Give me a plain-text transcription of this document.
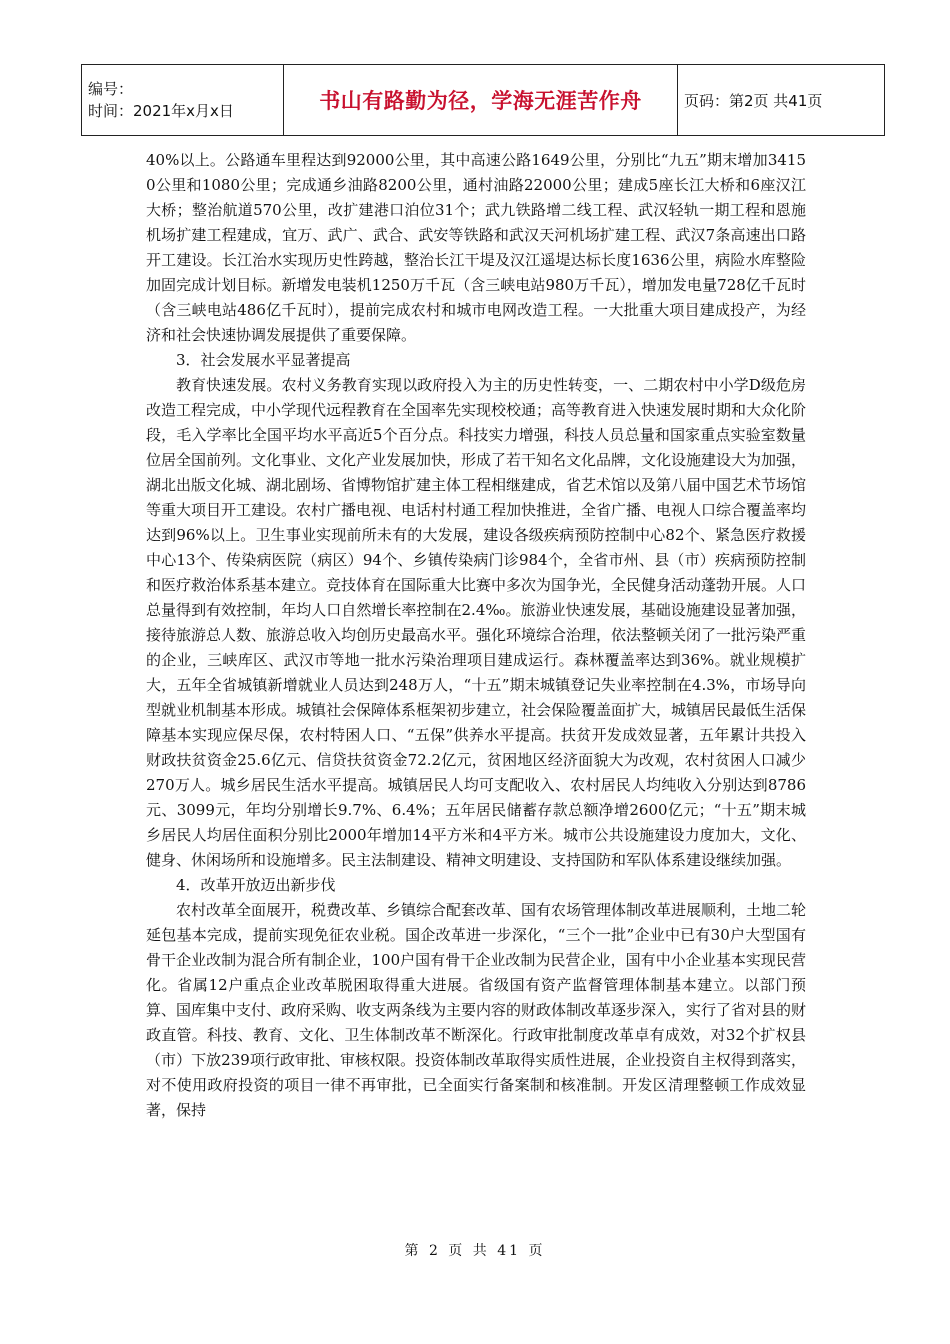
编号：
时间：2021年x月x日	书山有路勤为径，学海无涯苦作舟	页码：第2页 共41页

40%以上。公路通车里程达到92000公里，其中高速公路1649公里，分别比“九五”期末增加34150公里和1080公里；完成通乡油路8200公里，通村油路22000公里；建成5座长江大桥和6座汉江大桥；整治航道570公里，改扩建港口泊位31个；武九铁路增二线工程、武汉轻轨一期工程和恩施机场扩建工程建成，宜万、武广、武合、武安等铁路和武汉天河机场扩建工程、武汉7条高速出口路开工建设。长江治水实现历史性跨越，整治长江干堤及汉江遥堤达标长度1636公里，病险水库整险加固完成计划目标。新增发电装机1250万千瓦（含三峡电站980万千瓦），增加发电量728亿千瓦时（含三峡电站486亿千瓦时），提前完成农村和城市电网改造工程。一大批重大项目建成投产，为经济和社会快速协调发展提供了重要保障。

3．社会发展水平显著提高

教育快速发展。农村义务教育实现以政府投入为主的历史性转变，一、二期农村中小学D级危房改造工程完成，中小学现代远程教育在全国率先实现校校通；高等教育进入快速发展时期和大众化阶段，毛入学率比全国平均水平高近5个百分点。科技实力增强，科技人员总量和国家重点实验室数量位居全国前列。文化事业、文化产业发展加快，形成了若干知名文化品牌，文化设施建设大为加强，湖北出版文化城、湖北剧场、省博物馆扩建主体工程相继建成，省艺术馆以及第八届中国艺术节场馆等重大项目开工建设。农村广播电视、电话村村通工程加快推进，全省广播、电视人口综合覆盖率均达到96%以上。卫生事业实现前所未有的大发展，建设各级疾病预防控制中心82个、紧急医疗救援中心13个、传染病医院（病区）94个、乡镇传染病门诊984个，全省市州、县（市）疾病预防控制和医疗救治体系基本建立。竞技体育在国际重大比赛中多次为国争光，全民健身活动蓬勃开展。人口总量得到有效控制，年均人口自然增长率控制在2.4‰。旅游业快速发展，基础设施建设显著加强，接待旅游总人数、旅游总收入均创历史最高水平。强化环境综合治理，依法整顿关闭了一批污染严重的企业，三峡库区、武汉市等地一批水污染治理项目建成运行。森林覆盖率达到36%。就业规模扩大，五年全省城镇新增就业人员达到248万人，“十五”期末城镇登记失业率控制在4.3%，市场导向型就业机制基本形成。城镇社会保障体系框架初步建立，社会保险覆盖面扩大，城镇居民最低生活保障基本实现应保尽保，农村特困人口、“五保”供养水平提高。扶贫开发成效显著，五年累计共投入财政扶贫资金25.6亿元、信贷扶贫资金72.2亿元，贫困地区经济面貌大为改观，农村贫困人口减少270万人。城乡居民生活水平提高。城镇居民人均可支配收入、农村居民人均纯收入分别达到8786元、3099元，年均分别增长9.7%、6.4%；五年居民储蓄存款总额净增2600亿元；“十五”期末城乡居民人均居住面积分别比2000年增加14平方米和4平方米。城市公共设施建设力度加大，文化、健身、休闲场所和设施增多。民主法制建设、精神文明建设、支持国防和军队体系建设继续加强。

4．改革开放迈出新步伐

农村改革全面展开，税费改革、乡镇综合配套改革、国有农场管理体制改革进展顺利，土地二轮延包基本完成，提前实现免征农业税。国企改革进一步深化，“三个一批”企业中已有30户大型国有骨干企业改制为混合所有制企业，100户国有骨干企业改制为民营企业，国有中小企业基本实现民营化。省属12户重点企业改革脱困取得重大进展。省级国有资产监督管理体制基本建立。以部门预算、国库集中支付、政府采购、收支两条线为主要内容的财政体制改革逐步深入，实行了省对县的财政直管。科技、教育、文化、卫生体制改革不断深化。行政审批制度改革卓有成效，对32个扩权县（市）下放239项行政审批、审核权限。投资体制改革取得实质性进展，企业投资自主权得到落实，对不使用政府投资的项目一律不再审批，已全面实行备案制和核准制。开发区清理整顿工作成效显著，保持

第 2 页 共 41 页
